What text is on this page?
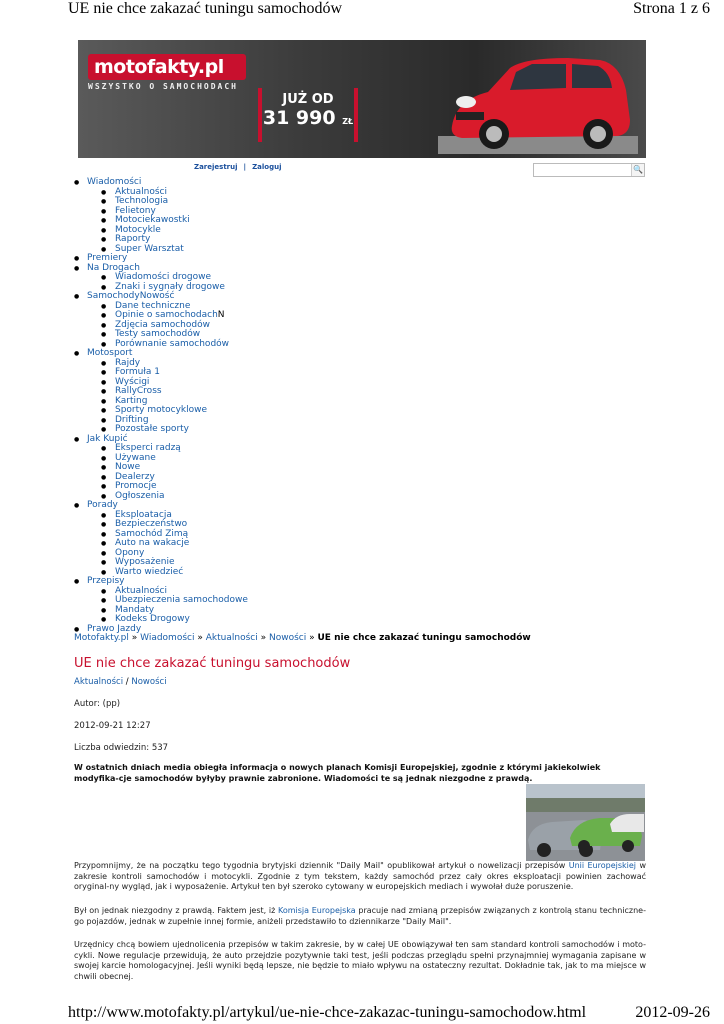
UE nie chce zakazać tuningu samochodów	Strona 1 z 6
motofakty.pl
WSZYSTKO O SAMOCHODACH
JUŻ OD
31 990 ZŁ
Zarejestruj | Zaloguj	🔍
● Wiadomości
● Aktualności
● Technologia
● Felietony
● Motociekawostki
● Motocykle
● Raporty
● Super Warsztat
● Premiery
● Na Drogach
● Wiadomości drogowe
● Znaki i sygnały drogowe
● SamochodyNowość
● Dane techniczne
● Opinie o samochodachN
● Zdjęcia samochodów
● Testy samochodów
● Porównanie samochodów
● Motosport
● Rajdy
● Formuła 1
● Wyścigi
● RallyCross
● Karting
● Sporty motocyklowe
● Drifting
● Pozostałe sporty
● Jak Kupić
● Eksperci radzą
● Używane
● Nowe
● Dealerzy
● Promocje
● Ogłoszenia
● Porady
● Eksploatacja
● Bezpieczeństwo
● Samochód Zimą
● Auto na wakacje
● Opony
● Wyposażenie
● Warto wiedzieć
● Przepisy
● Aktualności
● Ubezpieczenia samochodowe
● Mandaty
● Kodeks Drogowy
● Prawo Jazdy
Motofakty.pl » Wiadomości » Aktualności » Nowości » UE nie chce zakazać tuningu samochodów
UE nie chce zakazać tuningu samochodów
Aktualności / Nowości
Autor: (pp)
2012-09-21 12:27
Liczba odwiedzin: 537
W ostatnich dniach media obiegła informacja o nowych planach Komisji Europejskiej, zgodnie z którymi jakiekolwiek modyfika-cje samochodów byłyby prawnie zabronione. Wiadomości te są jednak niezgodne z prawdą.
Przypomnijmy, że na początku tego tygodnia brytyjski dziennik "Daily Mail" opublikował artykuł o nowelizacji przepisów Unii Europejskiej w zakresie kontroli samochodów i motocykli. Zgodnie z tym tekstem, każdy samochód przez cały okres eksploatacji powinien zachować oryginal-ny wygląd, jak i wyposażenie. Artykuł ten był szeroko cytowany w europejskich mediach i wywołał duże poruszenie.
Był on jednak niezgodny z prawdą. Faktem jest, iż Komisja Europejska pracuje nad zmianą przepisów związanych z kontrolą stanu techniczne-go pojazdów, jednak w zupełnie innej formie, aniżeli przedstawiło to dziennikarze "Daily Mail".
Urzędnicy chcą bowiem ujednolicenia przepisów w takim zakresie, by w całej UE obowiązywał ten sam standard kontroli samochodów i moto-cykli. Nowe regulacje przewidują, że auto przejdzie pozytywnie taki test, jeśli podczas przeglądu spełni przynajmniej wymagania zapisane w swojej karcie homologacyjnej. Jeśli wyniki będą lepsze, nie będzie to miało wpływu na ostateczny rezultat. Dokładnie tak, jak to ma miejsce w chwili obecnej.
http://www.motofakty.pl/artykul/ue-nie-chce-zakazac-tuningu-samochodow.html	2012-09-26
